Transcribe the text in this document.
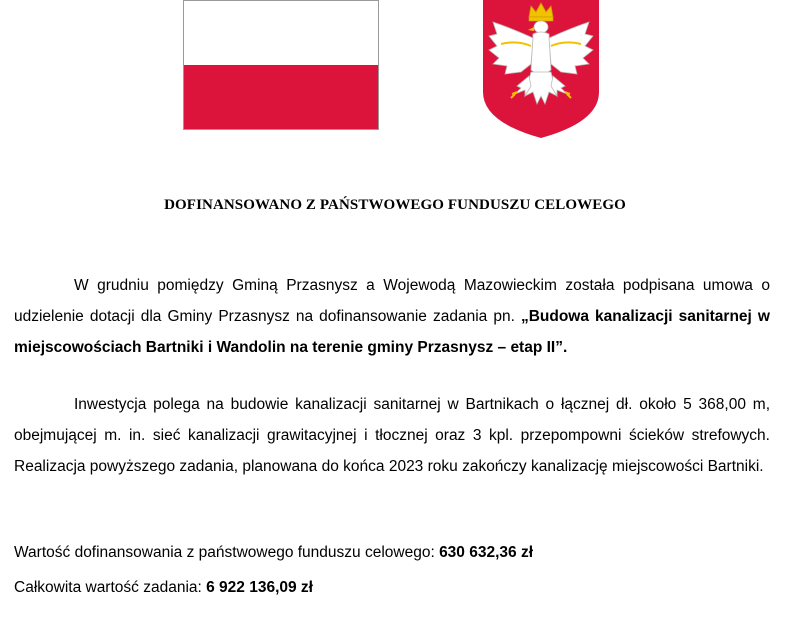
DOFINANSOWANO Z PAŃSTWOWEGO FUNDUSZU CELOWEGO

W grudniu pomiędzy Gminą Przasnysz a Wojewodą Mazowieckim została podpisana umowa o udzielenie dotacji dla Gminy Przasnysz na dofinansowanie zadania pn. „Budowa kanalizacji sanitarnej w miejscowościach Bartniki i Wandolin na terenie gminy Przasnysz – etap II”.

Inwestycja polega na budowie kanalizacji sanitarnej w Bartnikach o łącznej dł. około 5 368,00 m, obejmującej m. in. sieć kanalizacji grawitacyjnej i tłocznej oraz 3 kpl. przepompowni ścieków strefowych. Realizacja powyższego zadania, planowana do końca 2023 roku zakończy kanalizację miejscowości Bartniki.

Wartość dofinansowania z państwowego funduszu celowego: 630 632,36 zł

Całkowita wartość zadania: 6 922 136,09 zł
